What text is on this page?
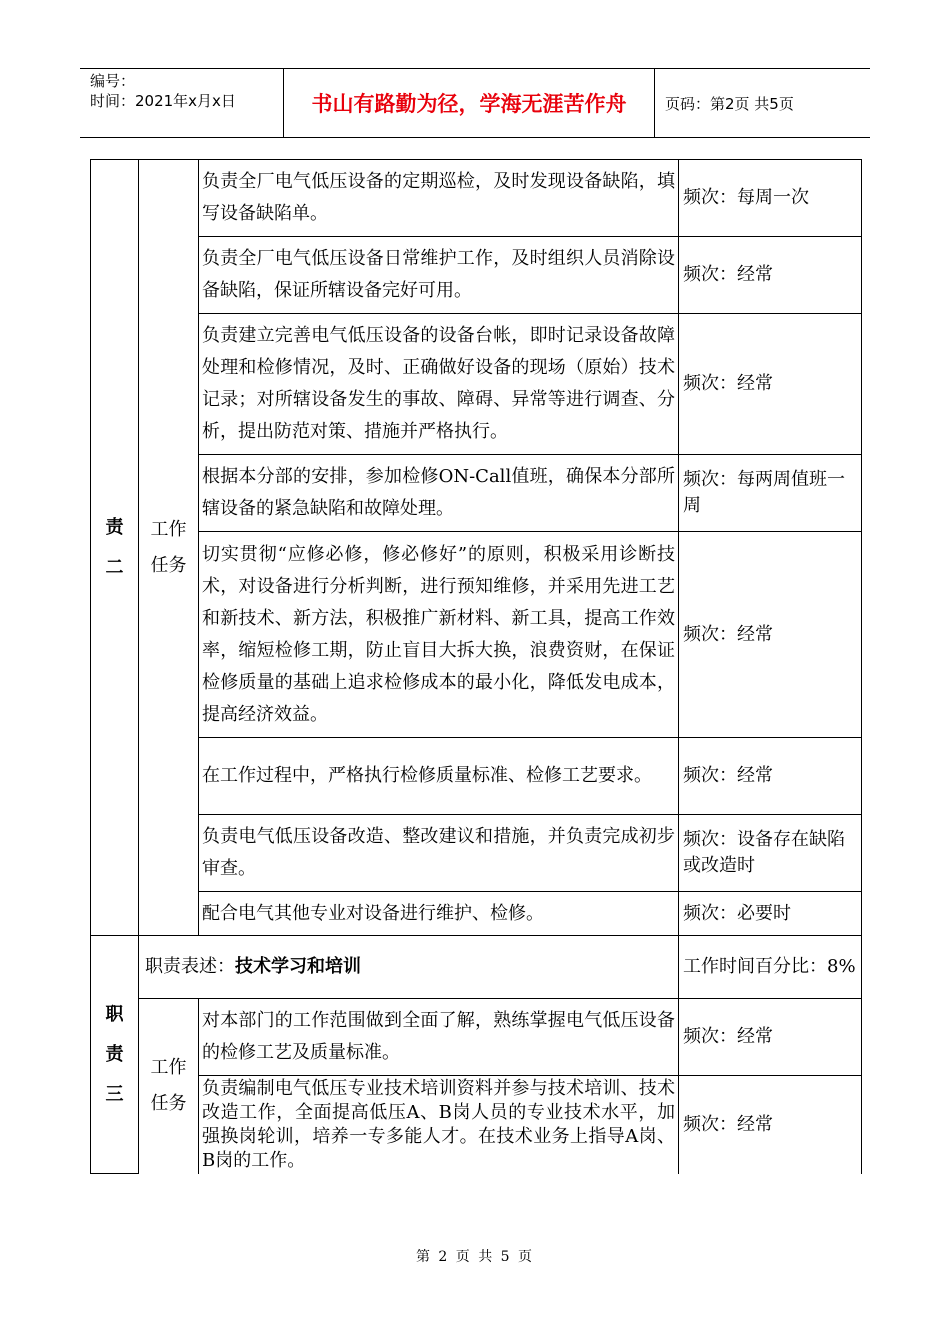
编号：
时间：2021年x月x日	书山有路勤为径，学海无涯苦作舟	页码：第2页 共5页
责二	工作任务	负责全厂电气低压设备的定期巡检，及时发现设备缺陷，填写设备缺陷单。	频次：每周一次
		负责全厂电气低压设备日常维护工作，及时组织人员消除设备缺陷，保证所辖设备完好可用。	频次：经常
		负责建立完善电气低压设备的设备台帐，即时记录设备故障处理和检修情况，及时、正确做好设备的现场（原始）技术记录；对所辖设备发生的事故、障碍、异常等进行调查、分析，提出防范对策、措施并严格执行。	频次：经常
		根据本分部的安排，参加检修ON-Call值班，确保本分部所辖设备的紧急缺陷和故障处理。	频次：每两周值班一周
		切实贯彻“应修必修，修必修好”的原则，积极采用诊断技术，对设备进行分析判断，进行预知维修，并采用先进工艺和新技术、新方法，积极推广新材料、新工具，提高工作效率，缩短检修工期，防止盲目大拆大换，浪费资财，在保证检修质量的基础上追求检修成本的最小化，降低发电成本，提高经济效益。	频次：经常
		在工作过程中，严格执行检修质量标准、检修工艺要求。	频次：经常
		负责电气低压设备改造、整改建议和措施，并负责完成初步审查。	频次：设备存在缺陷或改造时
		配合电气其他专业对设备进行维护、检修。	频次：必要时
职责三	职责表述：技术学习和培训		工作时间百分比：8%
	工作任务	对本部门的工作范围做到全面了解，熟练掌握电气低压设备的检修工艺及质量标准。	频次：经常
		负责编制电气低压专业技术培训资料并参与技术培训、技术改造工作，全面提高低压A、B岗人员的专业技术水平，加强换岗轮训，培养一专多能人才。在技术业务上指导A岗、B岗的工作。	频次：经常
第 2 页 共 5 页
